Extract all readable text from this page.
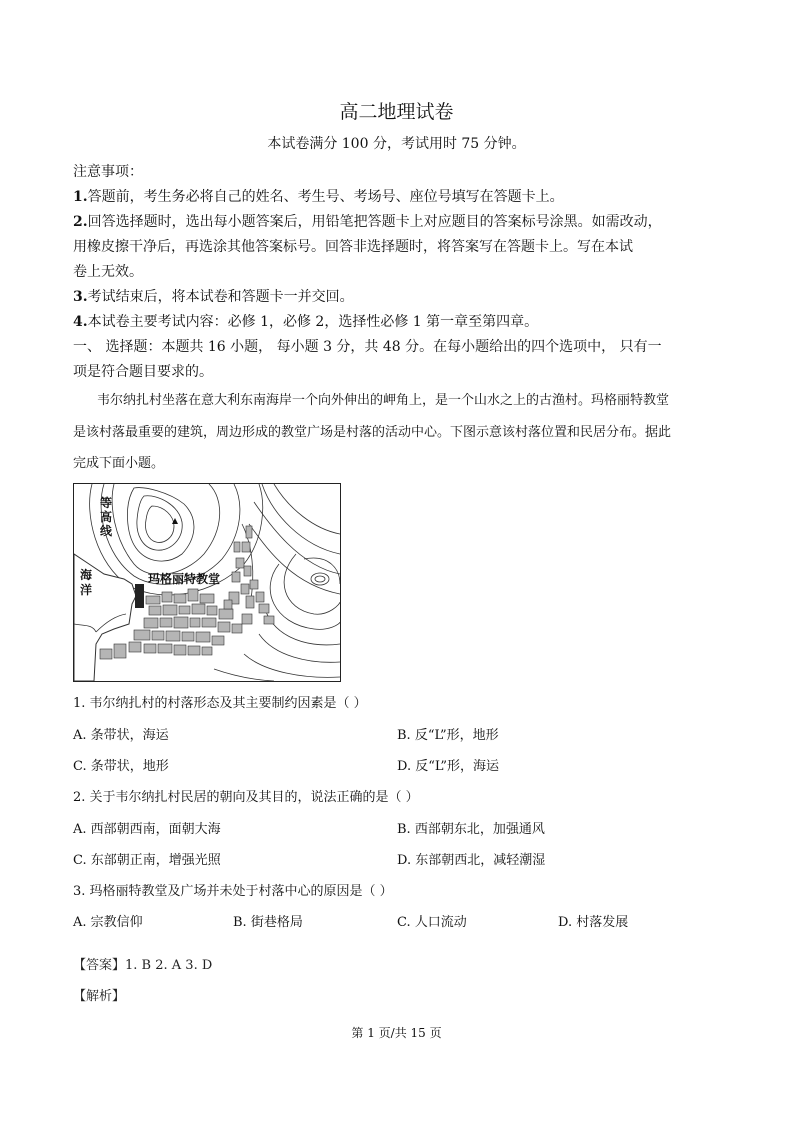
高二地理试卷
本试卷满分 100 分，考试用时 75 分钟。
注意事项：
1.答题前，考生务必将自己的姓名、考生号、考场号、座位号填写在答题卡上。
2.回答选择题时，选出每小题答案后，用铅笔把答题卡上对应题目的答案标号涂黑。如需改动，
用橡皮擦干净后，再选涂其他答案标号。回答非选择题时，将答案写在答题卡上。写在本试
卷上无效。
3.考试结束后，将本试卷和答题卡一并交回。
4.本试卷主要考试内容：必修 1，必修 2，选择性必修 1 第一章至第四章。
一、 选择题：本题共 16 小题， 每小题 3 分，共 48 分。在每小题给出的四个选项中， 只有一
项是符合题目要求的。
韦尔纳扎村坐落在意大利东南海岸一个向外伸出的岬角上，是一个山水之上的古渔村。玛格丽特教堂
是该村落最重要的建筑，周边形成的教堂广场是村落的活动中心。下图示意该村落位置和民居分布。据此
完成下面小题。
等
高
线
海
洋
玛格丽特教堂
1. 韦尔纳扎村的村落形态及其主要制约因素是（ ）
A. 条带状，海运	B. 反“L”形，地形
C. 条带状，地形	D. 反“L”形，海运
2. 关于韦尔纳扎村民居的朝向及其目的，说法正确的是（ ）
A. 西部朝西南，面朝大海	B. 西部朝东北，加强通风
C. 东部朝正南，增强光照	D. 东部朝西北，减轻潮湿
3. 玛格丽特教堂及广场并未处于村落中心的原因是（ ）
A. 宗教信仰	B. 街巷格局	C. 人口流动	D. 村落发展
【答案】1. B 2. A 3. D
【解析】
第 1 页/共 15 页
